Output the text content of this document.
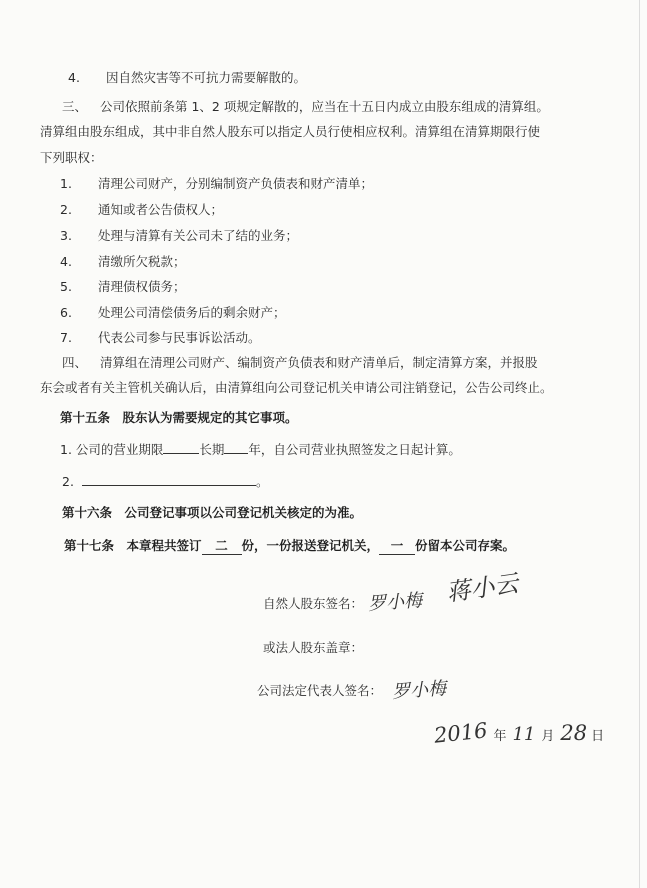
4. 因自然灾害等不可抗力需要解散的。
三、 公司依照前条第 1、2 项规定解散的，应当在十五日内成立由股东组成的清算组。
清算组由股东组成，其中非自然人股东可以指定人员行使相应权利。清算组在清算期限行使
下列职权：
1. 清理公司财产，分别编制资产负债表和财产清单；
2. 通知或者公告债权人；
3. 处理与清算有关公司未了结的业务；
4. 清缴所欠税款；
5. 清理债权债务；
6. 处理公司清偿债务后的剩余财产；
7. 代表公司参与民事诉讼活动。
四、 清算组在清理公司财产、编制资产负债表和财产清单后，制定清算方案，并报股
东会或者有关主管机关确认后，由清算组向公司登记机关申请公司注销登记，公告公司终止。
第十五条　股东认为需要规定的其它事项。
1. 公司的营业期限	长期 年，自公司营业执照签发之日起计算。
2.	。
第十六条　公司登记事项以公司登记机关核定的为准。
第十七条　本章程共签订 二 份，一份报送登记机关， 一 份留本公司存案。
自然人股东签名： 罗小梅 蒋小云
或法人股东盖章：
公司法定代表人签名： 罗小梅
2016 年 11 月 28 日
